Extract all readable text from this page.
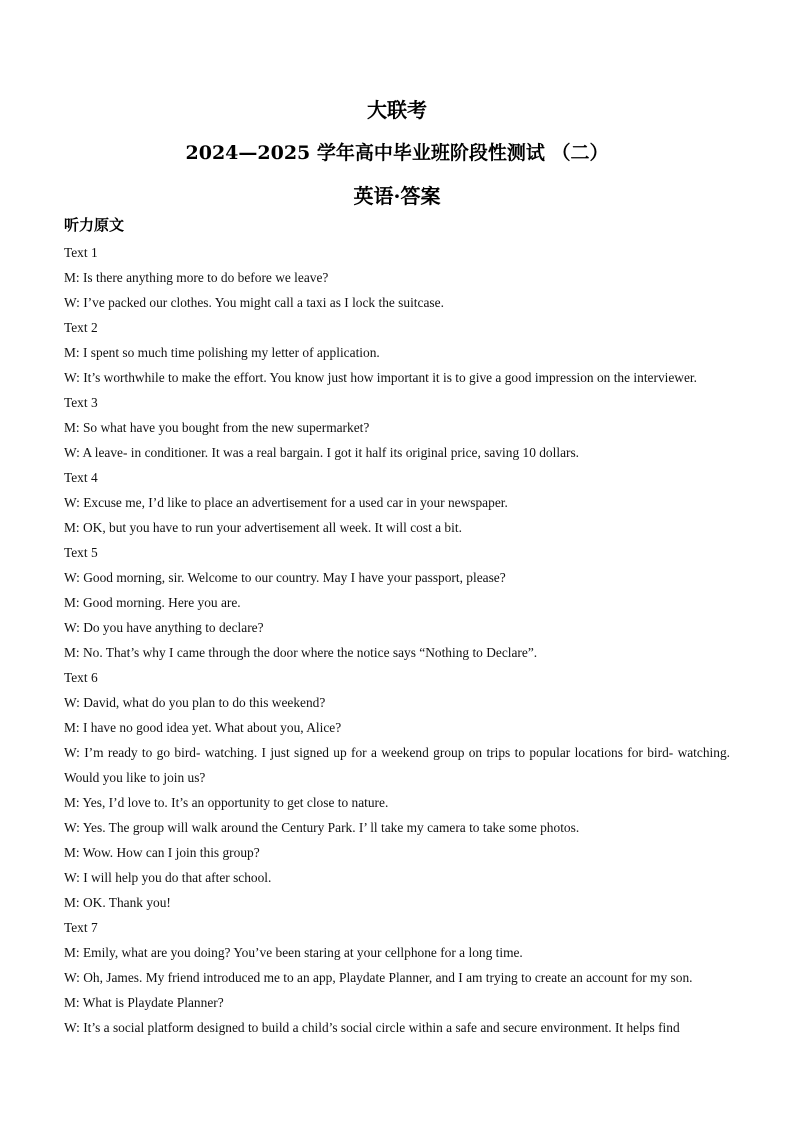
大联考
2024—2025 学年高中毕业班阶段性测试 （二）
英语·答案
听力原文
Text 1
M: Is there anything more to do before we leave?
W: I’ve packed our clothes. You might call a taxi as I lock the suitcase.
Text 2
M: I spent so much time polishing my letter of application.
W: It’s worthwhile to make the effort. You know just how important it is to give a good impression on the interviewer.
Text 3
M: So what have you bought from the new supermarket?
W: A leave- in conditioner. It was a real bargain. I got it half its original price, saving 10 dollars.
Text 4
W: Excuse me, I’d like to place an advertisement for a used car in your newspaper.
M: OK, but you have to run your advertisement all week. It will cost a bit.
Text 5
W: Good morning, sir. Welcome to our country. May I have your passport, please?
M: Good morning. Here you are.
W: Do you have anything to declare?
M: No. That’s why I came through the door where the notice says “Nothing to Declare”.
Text 6
W: David, what do you plan to do this weekend?
M: I have no good idea yet. What about you, Alice?
W: I’m ready to go bird- watching. I just signed up for a weekend group on trips to popular locations for bird- watching. Would you like to join us?
M: Yes, I’d love to. It’s an opportunity to get close to nature.
W: Yes. The group will walk around the Century Park. I’ ll take my camera to take some photos.
M: Wow. How can I join this group?
W: I will help you do that after school.
M: OK. Thank you!
Text 7
M: Emily, what are you doing? You’ve been staring at your cellphone for a long time.
W: Oh, James. My friend introduced me to an app, Playdate Planner, and I am trying to create an account for my son.
M: What is Playdate Planner?
W: It’s a social platform designed to build a child’s social circle within a safe and secure environment. It helps find
